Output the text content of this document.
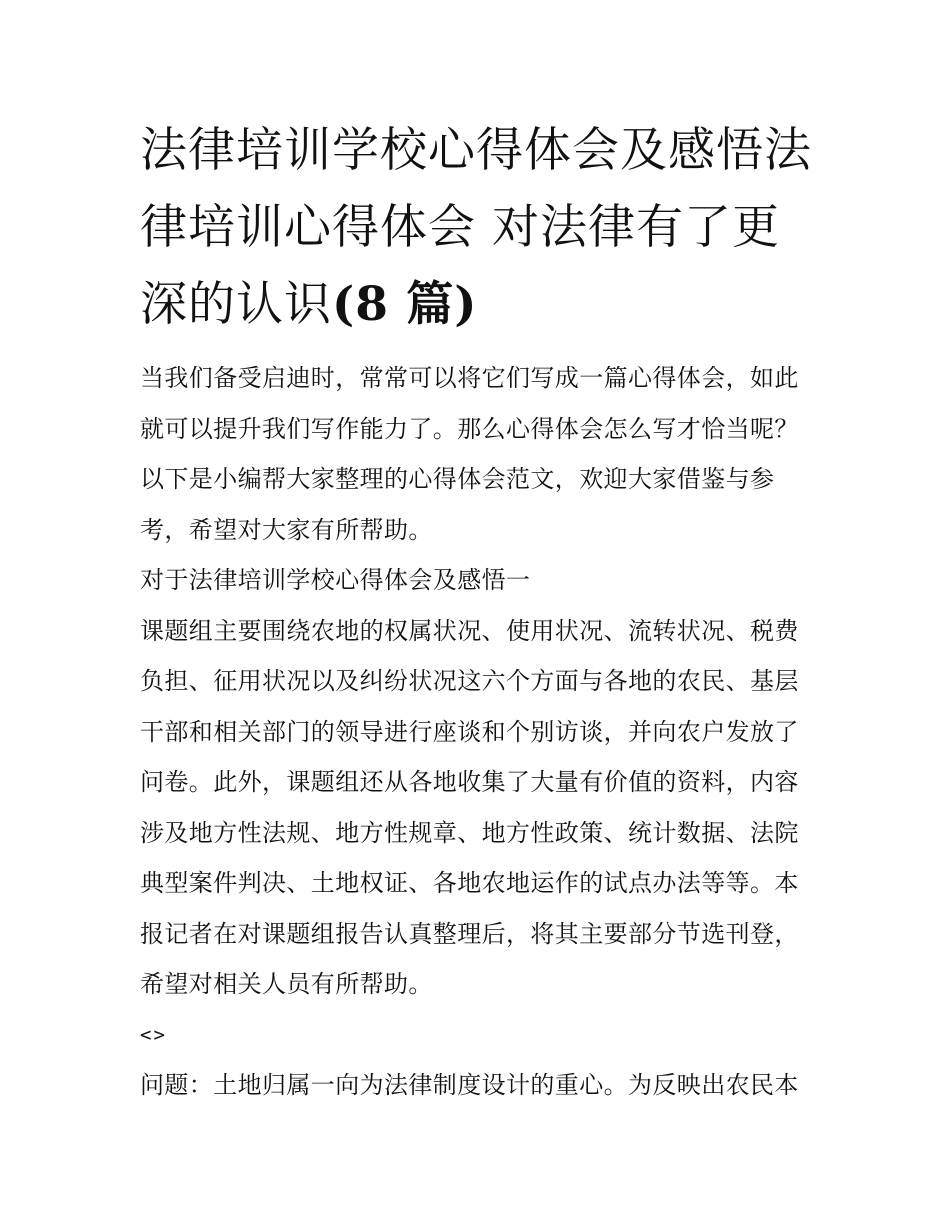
法律培训学校心得体会及感悟法律培训心得体会 对法律有了更深的认识(8 篇)

当我们备受启迪时，常常可以将它们写成一篇心得体会，如此就可以提升我们写作能力了。那么心得体会怎么写才恰当呢？以下是小编帮大家整理的心得体会范文，欢迎大家借鉴与参考，希望对大家有所帮助。

对于法律培训学校心得体会及感悟一

课题组主要围绕农地的权属状况、使用状况、流转状况、税费负担、征用状况以及纠纷状况这六个方面与各地的农民、基层干部和相关部门的领导进行座谈和个别访谈，并向农户发放了问卷。此外，课题组还从各地收集了大量有价值的资料，内容涉及地方性法规、地方性规章、地方性政策、统计数据、法院典型案件判决、土地权证、各地农地运作的试点办法等等。本报记者在对课题组报告认真整理后，将其主要部分节选刊登，希望对相关人员有所帮助。

<>

问题：土地归属一向为法律制度设计的重心。为反映出农民本
